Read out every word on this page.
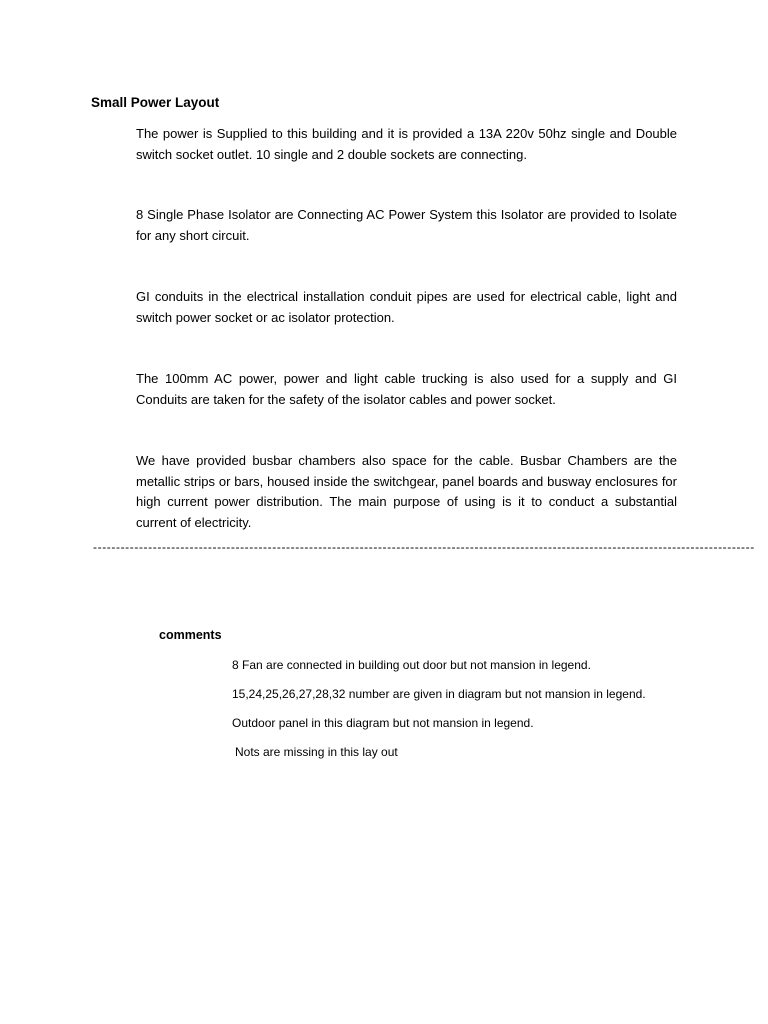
Small Power Layout

The power is Supplied to this building and it is provided a 13A 220v 50hz single and Double switch socket outlet. 10 single and 2 double sockets are connecting.

8 Single Phase Isolator are Connecting AC Power System this Isolator are provided to Isolate for any short circuit.

GI conduits in the electrical installation conduit pipes are used for electrical cable, light and switch power socket or ac isolator protection.

The 100mm AC power, power and light cable trucking is also used for a supply and GI Conduits are taken for the safety of the isolator cables and power socket.

We have provided busbar chambers also space for the cable. Busbar Chambers are the metallic strips or bars, housed inside the switchgear, panel boards and busway enclosures for high current power distribution. The main purpose of using is it to conduct a substantial current of electricity.

------------------------------------------------------------------------------------------------------------------------------------------------
comments
8 Fan are connected in building out door but not mansion in legend.
15,24,25,26,27,28,32 number are given in diagram but not mansion in legend.
Outdoor panel in this diagram but not mansion in legend.
Nots are missing in this lay out
